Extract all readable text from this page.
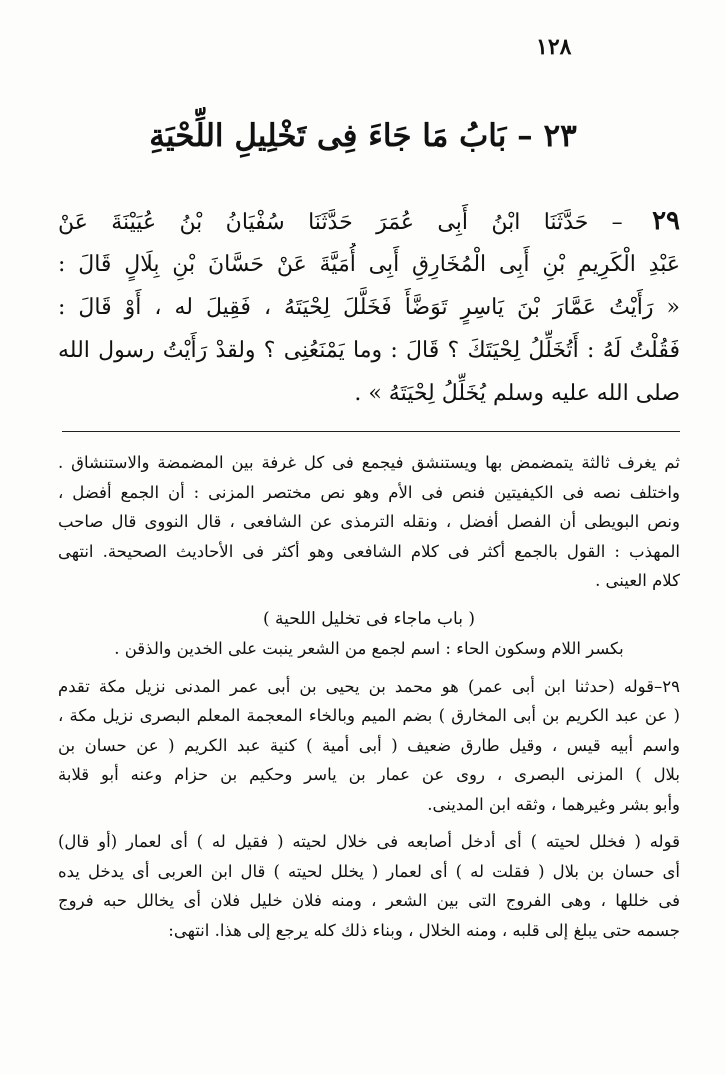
١٢٨
٢٣ – بَابُ مَا جَاءَ فِى تَخْلِيلِ اللِّحْيَةِ
٢٩ – حَدَّثَنَا ابْنُ أَبِى عُمَرَ حَدَّثَنَا سُفْيَانُ بْنُ عُيَيْنَةَ عَنْ
عَبْدِ الْكَرِيمِ بْنِ أَبِى الْمُخَارِقِ أَبِى أُمَيَّةَ عَنْ حَسَّانَ بْنِ بِلَالٍ قَالَ :
« رَأَيْتُ عَمَّارَ بْنَ يَاسِرٍ تَوَضَّأَ فَخَلَّلَ لِحْيَتَهُ ، فَقِيلَ له ، أَوْ قَالَ :
فَقُلْتُ لَهُ : أَتُخَلِّلُ لِحْيَتَكَ ؟ قَالَ : وما يَمْنَعُنِى ؟ ولقدْ رَأَيْتُ رسول الله
صلى الله عليه وسلم يُخَلِّلُ لِحْيَتَهُ » .
ثم يغرف ثالثة يتمضمض بها ويستنشق فيجمع فى كل غرفة بين المضمضة والاستنشاق .
واختلف نصه فى الكيفيتين فنص فى الأم وهو نص مختصر المزنى : أن الجمع أفضل ،
ونص البويطى أن الفصل أفضل ، ونقله الترمذى عن الشافعى ، قال النووى قال صاحب
المهذب : القول بالجمع أكثر فى كلام الشافعى وهو أكثر فى الأحاديث الصحيحة. انتهى
كلام العينى .
( باب ماجاء فى تخليل اللحية )
بكسر اللام وسكون الحاء : اسم لجمع من الشعر ينبت على الخدين والذقن .
٢٩–قوله (حدثنا ابن أبى عمر) هو محمد بن يحيى بن أبى عمر المدنى نزيل مكة تقدم
( عن عبد الكريم بن أبى المخارق ) بضم الميم وبالخاء المعجمة المعلم البصرى نزيل مكة ،
واسم أبيه قيس ، وقيل طارق ضعيف ( أبى أمية ) كنية عبد الكريم ( عن حسان بن
بلال ) المزنى البصرى ، روى عن عمار بن ياسر وحكيم بن حزام وعنه أبو قلابة
وأبو بشر وغيرهما ، وثقه ابن المدينى.
قوله ( فخلل لحيته ) أى أدخل أصابعه فى خلال لحيته ( فقيل له ) أى لعمار (أو قال)
أى حسان بن بلال ( فقلت له ) أى لعمار ( يخلل لحيته ) قال ابن العربى أى يدخل يده
فى خللها ، وهى الفروج التى بين الشعر ، ومنه فلان خليل فلان أى يخالل حبه فروج
جسمه حتى يبلغ إلى قلبه ، ومنه الخلال ، وبناء ذلك كله يرجع إلى هذا. انتهى:
